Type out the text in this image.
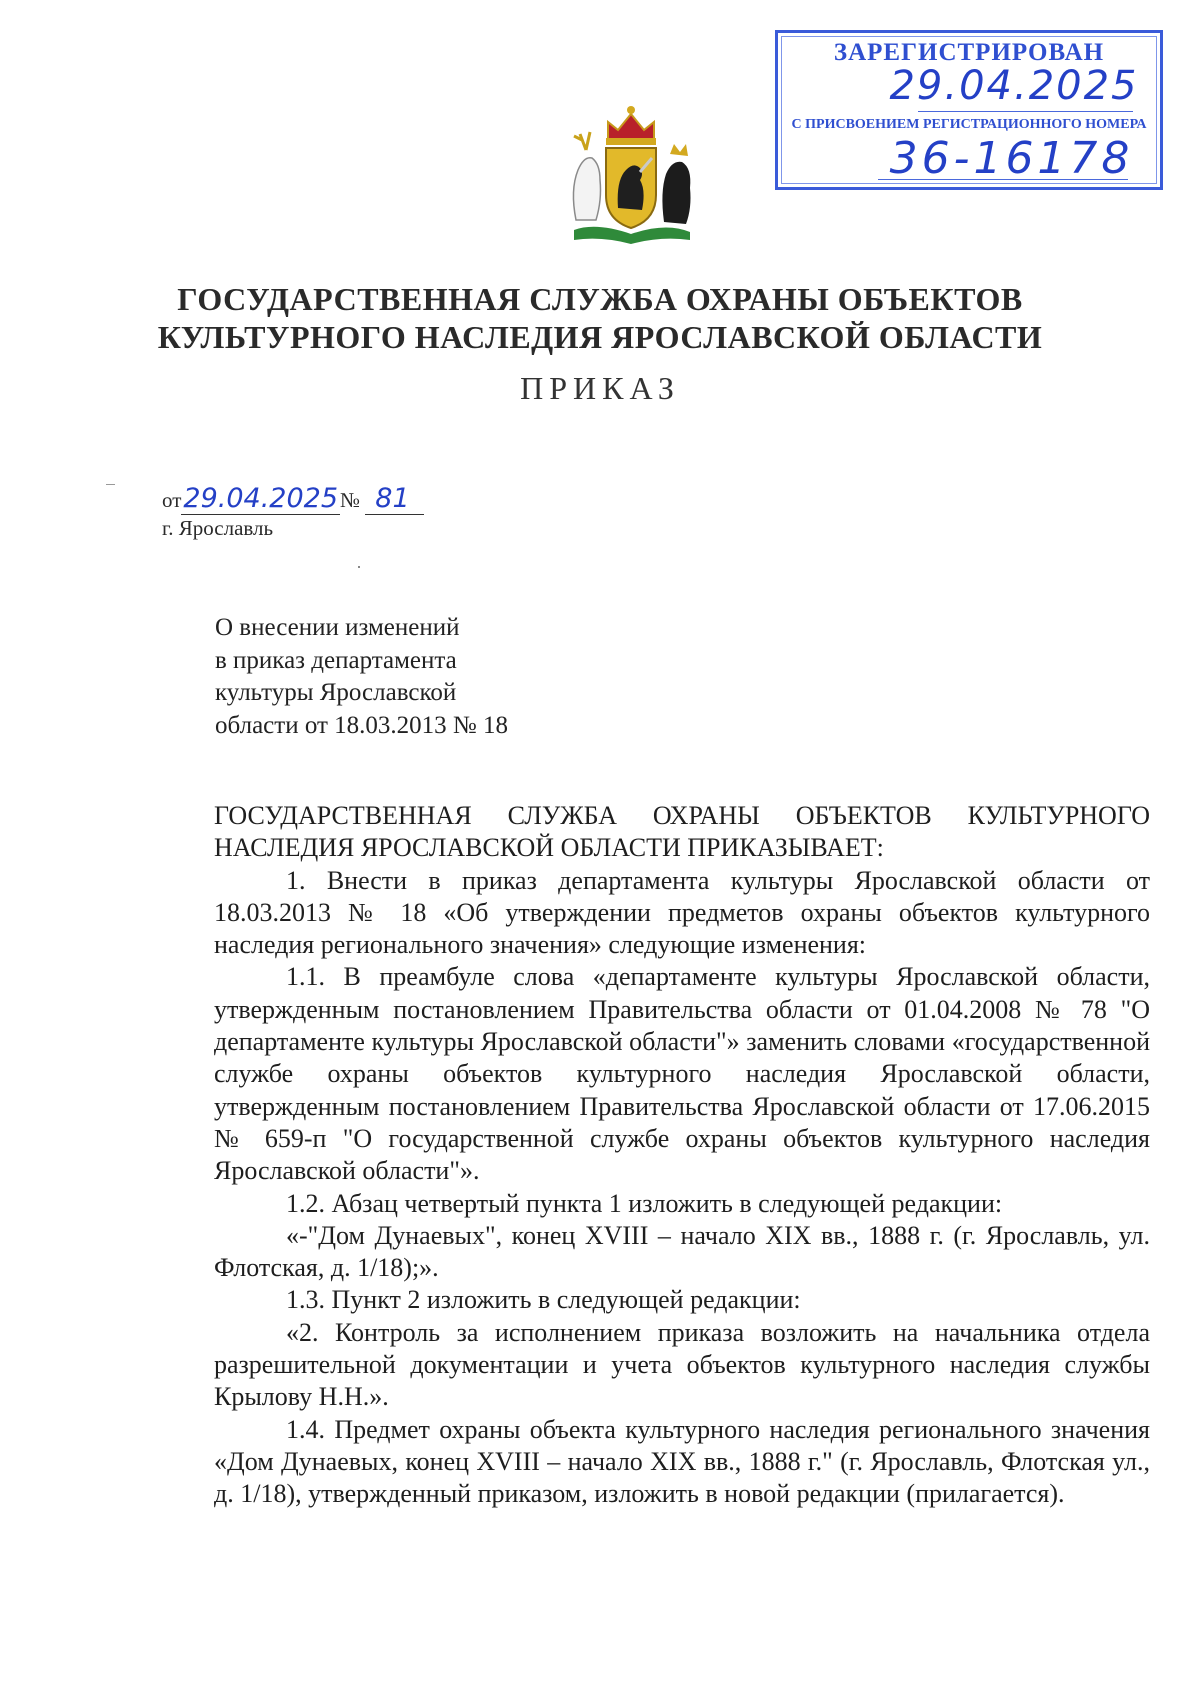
ЗАРЕГИСТРИРОВАН
29.04.2025
С ПРИСВОЕНИЕМ РЕГИСТРАЦИОННОГО НОМЕРА
36-16178
ГОСУДАРСТВЕННАЯ СЛУЖБА ОХРАНЫ ОБЪЕКТОВ
КУЛЬТУРНОГО НАСЛЕДИЯ ЯРОСЛАВСКОЙ ОБЛАСТИ
ПРИКАЗ
от29.04.2025№ 81
г. Ярославль
О внесении изменений
в приказ департамента
культуры Ярославской
области от 18.03.2013 № 18

ГОСУДАРСТВЕННАЯ СЛУЖБА ОХРАНЫ ОБЪЕКТОВ КУЛЬТУРНОГО НАСЛЕДИЯ ЯРОСЛАВСКОЙ ОБЛАСТИ ПРИКАЗЫВАЕТ:

1. Внести в приказ департамента культуры Ярославской области от 18.03.2013 № 18 «Об утверждении предметов охраны объектов культурного наследия регионального значения» следующие изменения:

1.1. В преамбуле слова «департаменте культуры Ярославской области, утвержденным постановлением Правительства области от 01.04.2008 № 78 "О департаменте культуры Ярославской области"» заменить словами «государственной службе охраны объектов культурного наследия Ярославской области, утвержденным постановлением Правительства Ярославской области от 17.06.2015 № 659-п "О государственной службе охраны объектов культурного наследия Ярославской области"».

1.2. Абзац четвертый пункта 1 изложить в следующей редакции:

«-"Дом Дунаевых", конец XVIII – начало XIX вв., 1888 г. (г. Ярославль, ул. Флотская, д. 1/18);».

1.3. Пункт 2 изложить в следующей редакции:

«2. Контроль за исполнением приказа возложить на начальника отдела разрешительной документации и учета объектов культурного наследия службы Крылову Н.Н.».

1.4. Предмет охраны объекта культурного наследия регионального значения «Дом Дунаевых, конец XVIII – начало XIX вв., 1888 г." (г. Ярославль, Флотская ул., д. 1/18), утвержденный приказом, изложить в новой редакции (прилагается).
